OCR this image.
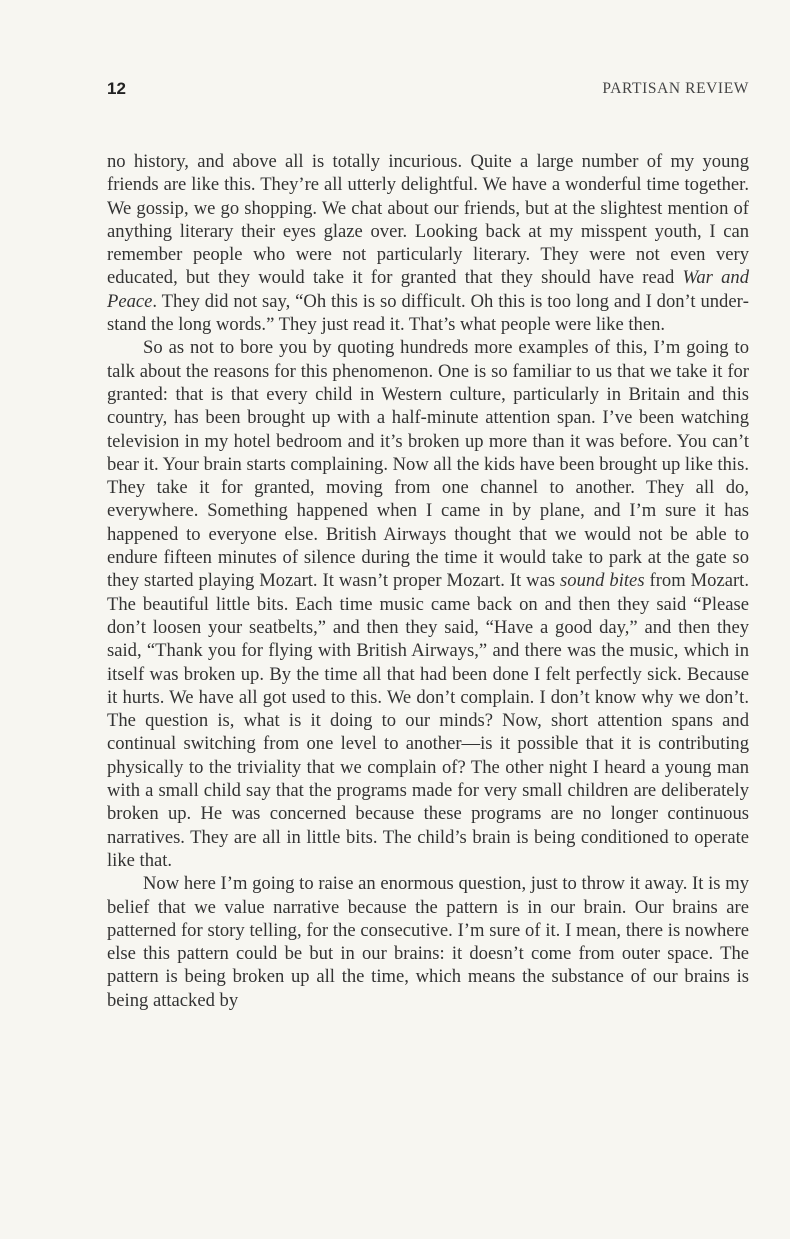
12	PARTISAN REVIEW

no history, and above all is totally incurious. Quite a large number of my young friends are like this. They’re all utterly delightful. We have a wonderful time together. We gossip, we go shopping. We chat about our friends, but at the slightest mention of anything literary their eyes glaze over. Looking back at my misspent youth, I can remember people who were not particularly literary. They were not even very educated, but they would take it for granted that they should have read War and Peace. They did not say, “Oh this is so difficult. Oh this is too long and I don’t understand the long words.” They just read it. That’s what people were like then.

So as not to bore you by quoting hundreds more examples of this, I’m going to talk about the reasons for this phenomenon. One is so familiar to us that we take it for granted: that is that every child in Western culture, particularly in Britain and this country, has been brought up with a half-minute attention span. I’ve been watching television in my hotel bedroom and it’s broken up more than it was before. You can’t bear it. Your brain starts complaining. Now all the kids have been brought up like this. They take it for granted, moving from one channel to another. They all do, everywhere. Something happened when I came in by plane, and I’m sure it has happened to everyone else. British Airways thought that we would not be able to endure fifteen minutes of silence during the time it would take to park at the gate so they started playing Mozart. It wasn’t proper Mozart. It was sound bites from Mozart. The beautiful little bits. Each time music came back on and then they said “Please don’t loosen your seatbelts,” and then they said, “Have a good day,” and then they said, “Thank you for flying with British Airways,” and there was the music, which in itself was broken up. By the time all that had been done I felt perfectly sick. Because it hurts. We have all got used to this. We don’t complain. I don’t know why we don’t. The question is, what is it doing to our minds? Now, short attention spans and continual switching from one level to another—is it possible that it is contributing physically to the triviality that we complain of? The other night I heard a young man with a small child say that the programs made for very small children are deliberately broken up. He was concerned because these programs are no longer continuous narratives. They are all in little bits. The child’s brain is being conditioned to operate like that.

Now here I’m going to raise an enormous question, just to throw it away. It is my belief that we value narrative because the pattern is in our brain. Our brains are patterned for story telling, for the consecutive. I’m sure of it. I mean, there is nowhere else this pattern could be but in our brains: it doesn’t come from outer space. The pattern is being broken up all the time, which means the substance of our brains is being attacked by
